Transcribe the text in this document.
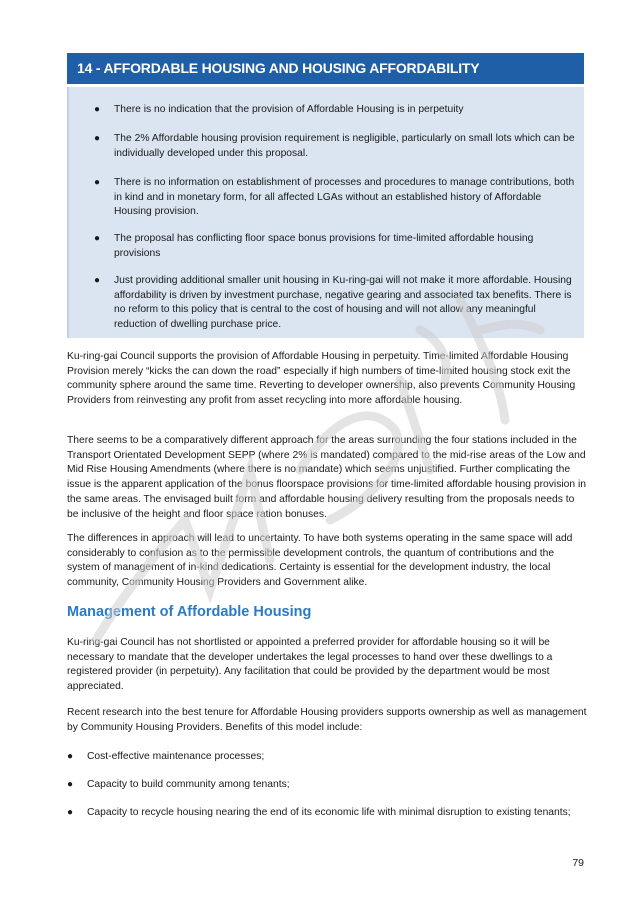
14 - AFFORDABLE HOUSING AND HOUSING AFFORDABILITY
● There is no indication that the provision of Affordable Housing is in perpetuity
● The 2% Affordable housing provision requirement is negligible, particularly on small lots which can be individually developed under this proposal.
● There is no information on establishment of processes and procedures to manage contributions, both in kind and in monetary form, for all affected LGAs without an established history of Affordable Housing provision.
● The proposal has conflicting floor space bonus provisions for time-limited affordable housing provisions
● Just providing additional smaller unit housing in Ku-ring-gai will not make it more affordable. Housing affordability is driven by investment purchase, negative gearing and associated tax benefits. There is no reform to this policy that is central to the cost of housing and will not allow any meaningful reduction of dwelling purchase price.

Ku-ring-gai Council supports the provision of Affordable Housing in perpetuity. Time-limited Affordable Housing Provision merely “kicks the can down the road” especially if high numbers of time-limited housing stock exit the community sphere around the same time. Reverting to developer ownership, also prevents Community Housing Providers from reinvesting any profit from asset recycling into more affordable housing.

There seems to be a comparatively different approach for the areas surrounding the four stations included in the Transport Orientated Development SEPP (where 2% is mandated) compared to the mid-rise areas of the Low and Mid Rise Housing Amendments (where there is no mandate) which seems unjustified. Further complicating the issue is the apparent application of the bonus floorspace provisions for time-limited affordable housing provision in the same areas. The envisaged built form and affordable housing delivery resulting from the proposals needs to be inclusive of the height and floor space ration bonuses.

The differences in approach will lead to uncertainty. To have both systems operating in the same space will add considerably to confusion as to the permissible development controls, the quantum of contributions and the system of management of in-kind dedications. Certainty is essential for the development industry, the local community, Community Housing Providers and Government alike.

Management of Affordable Housing

Ku-ring-gai Council has not shortlisted or appointed a preferred provider for affordable housing so it will be necessary to mandate that the developer undertakes the legal processes to hand over these dwellings to a registered provider (in perpetuity). Any facilitation that could be provided by the department would be most appreciated.

Recent research into the best tenure for Affordable Housing providers supports ownership as well as management by Community Housing Providers. Benefits of this model include:

● Cost-effective maintenance processes;
● Capacity to build community among tenants;
● Capacity to recycle housing nearing the end of its economic life with minimal disruption to existing tenants;
79
